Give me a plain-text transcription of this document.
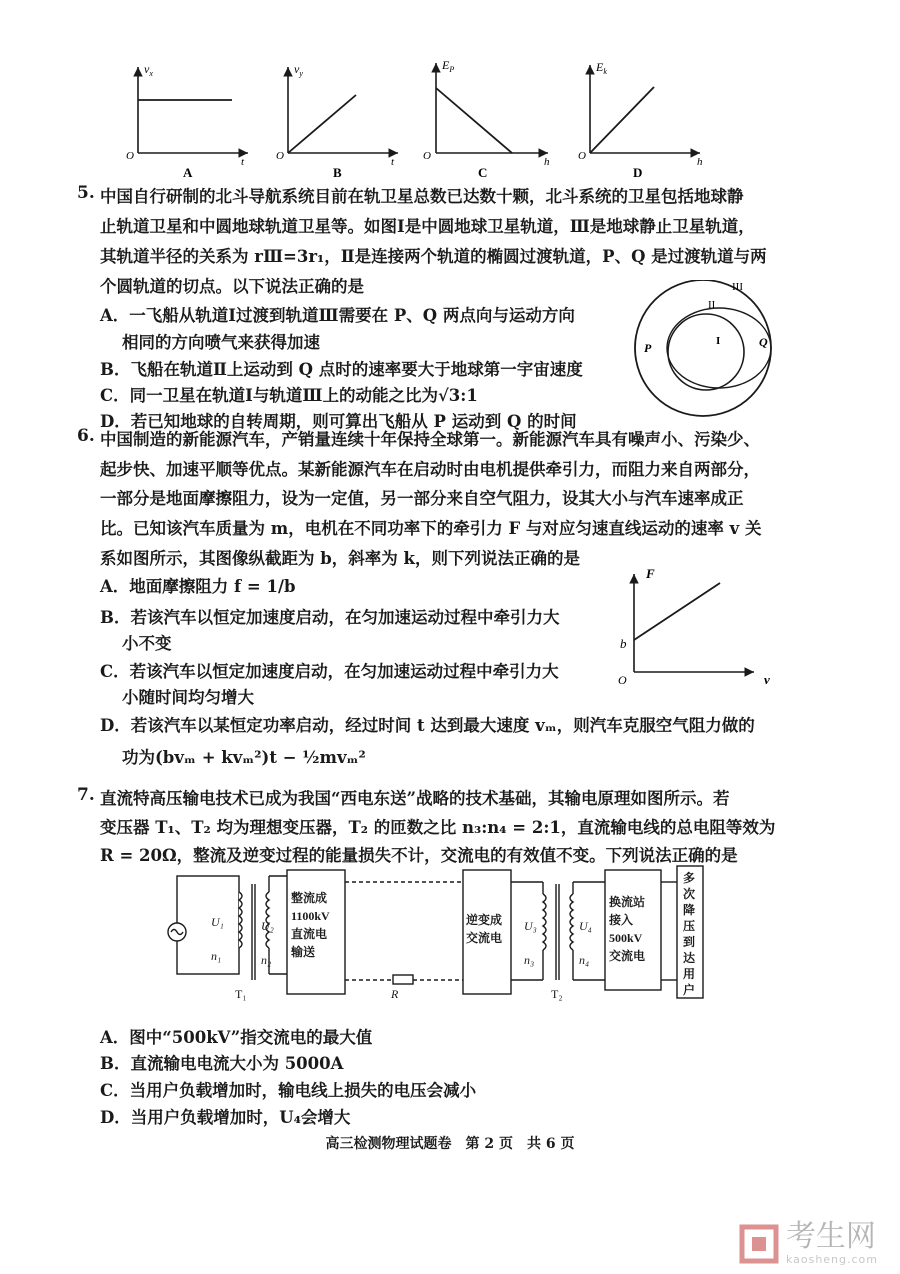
$v_x$
t
O
A
$v_y$
t
O
B
$E_P$
h
O
C
$E_k$
h
O
D
5. 中国自行研制的北斗导航系统目前在轨卫星总数已达数十颗，北斗系统的卫星包括地球静
止轨道卫星和中圆地球轨道卫星等。如图Ⅰ是中圆地球卫星轨道，Ⅲ是地球静止卫星轨道，
其轨道半径的关系为 rⅢ=3r₁，Ⅱ是连接两个轨道的椭圆过渡轨道，P、Q 是过渡轨道与两
个圆轨道的切点。以下说法正确的是
A．一飞船从轨道Ⅰ过渡到轨道Ⅲ需要在 P、Q 两点向与运动方向
相同的方向喷气来获得加速
B．飞船在轨道Ⅱ上运动到 Q 点时的速率要大于地球第一宇宙速度
C．同一卫星在轨道Ⅰ与轨道Ⅲ上的动能之比为√3:1
D．若已知地球的自转周期，则可算出飞船从 P 运动到 Q 的时间
P	Q
I
II
III
6. 中国制造的新能源汽车，产销量连续十年保持全球第一。新能源汽车具有噪声小、污染少、
起步快、加速平顺等优点。某新能源汽车在启动时由电机提供牵引力，而阻力来自两部分，
一部分是地面摩擦阻力，设为一定值，另一部分来自空气阻力，设其大小与汽车速率成正
比。已知该汽车质量为 m，电机在不同功率下的牵引力 F 与对应匀速直线运动的速率 v 关
系如图所示，其图像纵截距为 b，斜率为 k，则下列说法正确的是
A．地面摩擦阻力 f = 1/b
B．若该汽车以恒定加速度启动，在匀加速运动过程中牵引力大
小不变
C．若该汽车以恒定加速度启动，在匀加速运动过程中牵引力大
小随时间均匀增大
D．若该汽车以某恒定功率启动，经过时间 t 达到最大速度 vₘ，则汽车克服空气阻力做的
功为(bvₘ + kvₘ²)t − ½mvₘ²
F
b
O	v
7. 直流特高压输电技术已成为我国“西电东送”战略的技术基础，其输电原理如图所示。若
变压器 T₁、T₂ 均为理想变压器，T₂ 的匝数之比 n₃:n₄ = 2:1，直流输电线的总电阻等效为
R = 20Ω，整流及逆变过程的能量损失不计，交流电的有效值不变。下列说法正确的是
U₁
n₁
U₂
n₂
T₁	R
U₃
n₃
U₄
n₄
T₂
整流成
1100kV
直流电
输送
逆变成
交流电
换流站
接入
500kV
交流电
多
次
降
压
到
达
用
户
A．图中“500kV”指交流电的最大值
B．直流输电电流大小为 5000A
C．当用户负载增加时，输电线上损失的电压会减小
D．当用户负载增加时，U₄会增大
高三检测物理试题卷　第 2 页　共 6 页
考生网
kaosheng.com
